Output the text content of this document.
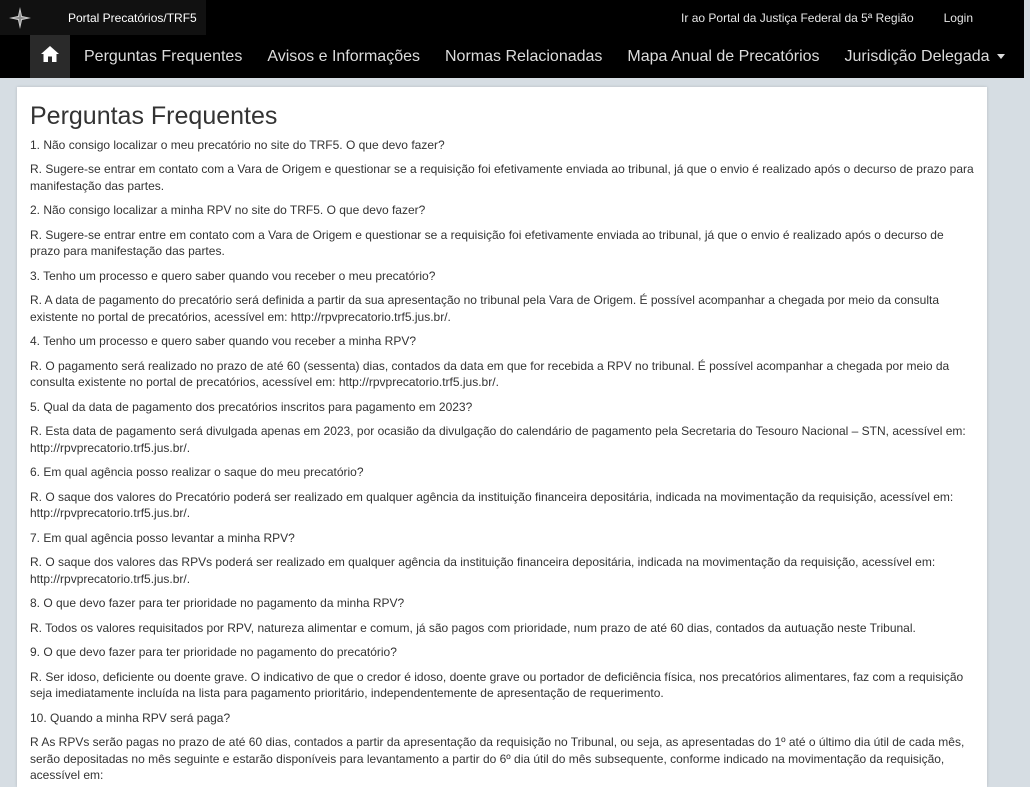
Portal Precatórios/TRF5	Ir ao Portal da Justiça Federal da 5ª Região	Login
Perguntas Frequentes Avisos e Informações Normas Relacionadas Mapa Anual de Precatórios Jurisdição Delegada
Perguntas Frequentes

1. Não consigo localizar o meu precatório no site do TRF5. O que devo fazer?

R. Sugere-se entrar em contato com a Vara de Origem e questionar se a requisição foi efetivamente enviada ao tribunal, já que o envio é realizado após o decurso de prazo para manifestação das partes.

2. Não consigo localizar a minha RPV no site do TRF5. O que devo fazer?

R. Sugere-se entrar entre em contato com a Vara de Origem e questionar se a requisição foi efetivamente enviada ao tribunal, já que o envio é realizado após o decurso de prazo para manifestação das partes.

3. Tenho um processo e quero saber quando vou receber o meu precatório?

R. A data de pagamento do precatório será definida a partir da sua apresentação no tribunal pela Vara de Origem. É possível acompanhar a chegada por meio da consulta existente no portal de precatórios, acessível em: http://rpvprecatorio.trf5.jus.br/.

4. Tenho um processo e quero saber quando vou receber a minha RPV?

R. O pagamento será realizado no prazo de até 60 (sessenta) dias, contados da data em que for recebida a RPV no tribunal. É possível acompanhar a chegada por meio da consulta existente no portal de precatórios, acessível em: http://rpvprecatorio.trf5.jus.br/.

5. Qual da data de pagamento dos precatórios inscritos para pagamento em 2023?

R. Esta data de pagamento será divulgada apenas em 2023, por ocasião da divulgação do calendário de pagamento pela Secretaria do Tesouro Nacional – STN, acessível em: http://rpvprecatorio.trf5.jus.br/.

6. Em qual agência posso realizar o saque do meu precatório?

R. O saque dos valores do Precatório poderá ser realizado em qualquer agência da instituição financeira depositária, indicada na movimentação da requisição, acessível em: http://rpvprecatorio.trf5.jus.br/.

7. Em qual agência posso levantar a minha RPV?

R. O saque dos valores das RPVs poderá ser realizado em qualquer agência da instituição financeira depositária, indicada na movimentação da requisição, acessível em: http://rpvprecatorio.trf5.jus.br/.

8. O que devo fazer para ter prioridade no pagamento da minha RPV?

R. Todos os valores requisitados por RPV, natureza alimentar e comum, já são pagos com prioridade, num prazo de até 60 dias, contados da autuação neste Tribunal.

9. O que devo fazer para ter prioridade no pagamento do precatório?

R. Ser idoso, deficiente ou doente grave. O indicativo de que o credor é idoso, doente grave ou portador de deficiência física, nos precatórios alimentares, faz com a requisição seja imediatamente incluída na lista para pagamento prioritário, independentemente de apresentação de requerimento.

10. Quando a minha RPV será paga?

R As RPVs serão pagas no prazo de até 60 dias, contados a partir da apresentação da requisição no Tribunal, ou seja, as apresentadas do 1º até o último dia útil de cada mês, serão depositadas no mês seguinte e estarão disponíveis para levantamento a partir do 6º dia útil do mês subsequente, conforme indicado na movimentação da requisição, acessível em:
